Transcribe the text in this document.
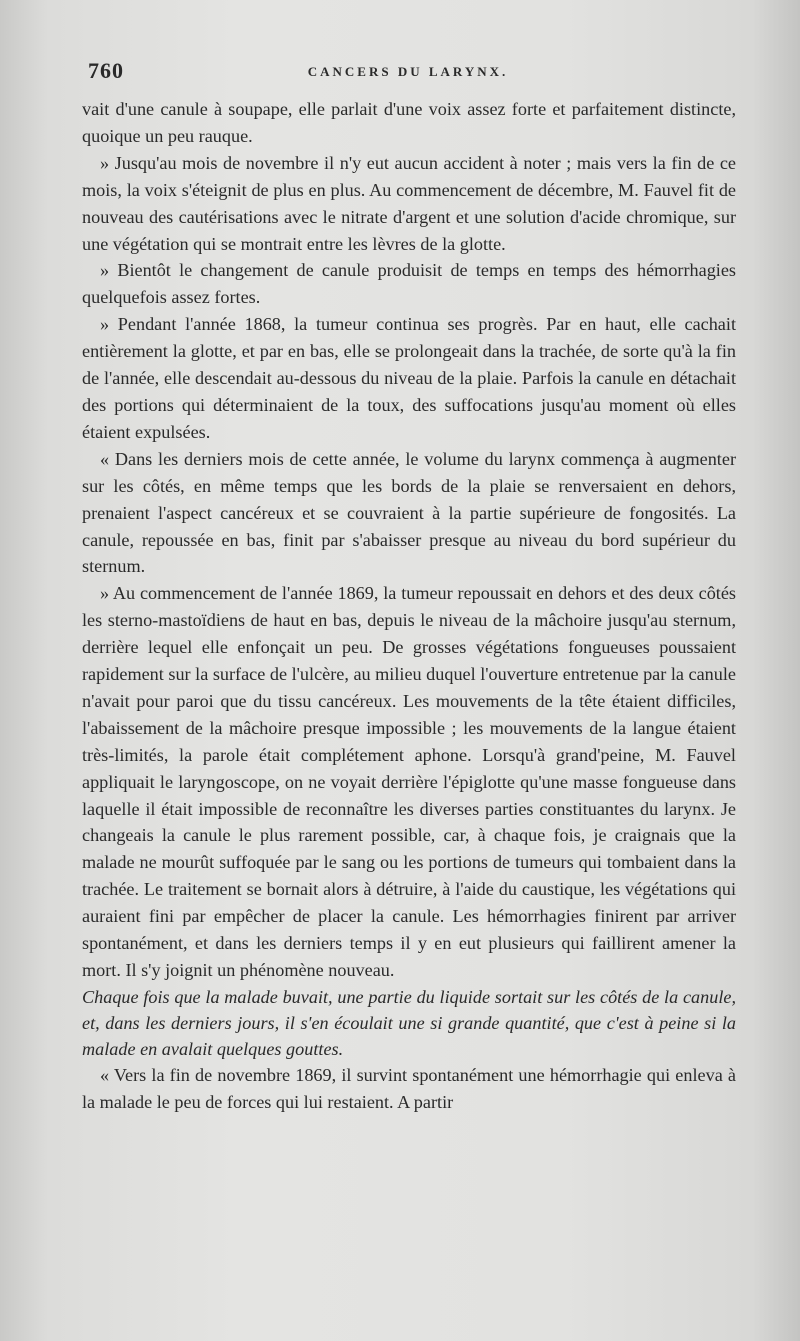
760	CANCERS DU LARYNX.

vait d'une canule à soupape, elle parlait d'une voix assez forte et parfaitement distincte, quoique un peu rauque.

» Jusqu'au mois de novembre il n'y eut aucun accident à noter ; mais vers la fin de ce mois, la voix s'éteignit de plus en plus. Au commencement de décembre, M. Fauvel fit de nouveau des cautérisations avec le nitrate d'argent et une solution d'acide chromique, sur une végétation qui se montrait entre les lèvres de la glotte.

» Bientôt le changement de canule produisit de temps en temps des hémorrhagies quelquefois assez fortes.

» Pendant l'année 1868, la tumeur continua ses progrès. Par en haut, elle cachait entièrement la glotte, et par en bas, elle se prolongeait dans la trachée, de sorte qu'à la fin de l'année, elle descendait au-dessous du niveau de la plaie. Parfois la canule en détachait des portions qui déterminaient de la toux, des suffocations jusqu'au moment où elles étaient expulsées.

« Dans les derniers mois de cette année, le volume du larynx commença à augmenter sur les côtés, en même temps que les bords de la plaie se renversaient en dehors, prenaient l'aspect cancéreux et se couvraient à la partie supérieure de fongosités. La canule, repoussée en bas, finit par s'abaisser presque au niveau du bord supérieur du sternum.

» Au commencement de l'année 1869, la tumeur repoussait en dehors et des deux côtés les sterno-mastoïdiens de haut en bas, depuis le niveau de la mâchoire jusqu'au sternum, derrière lequel elle enfonçait un peu. De grosses végétations fongueuses poussaient rapidement sur la surface de l'ulcère, au milieu duquel l'ouverture entretenue par la canule n'avait pour paroi que du tissu cancéreux. Les mouvements de la tête étaient difficiles, l'abaissement de la mâchoire presque impossible ; les mouvements de la langue étaient très-limités, la parole était complétement aphone. Lorsqu'à grand'peine, M. Fauvel appliquait le laryngoscope, on ne voyait derrière l'épiglotte qu'une masse fongueuse dans laquelle il était impossible de reconnaître les diverses parties constituantes du larynx. Je changeais la canule le plus rarement possible, car, à chaque fois, je craignais que la malade ne mourût suffoquée par le sang ou les portions de tumeurs qui tombaient dans la trachée. Le traitement se bornait alors à détruire, à l'aide du caustique, les végétations qui auraient fini par empêcher de placer la canule. Les hémorrhagies finirent par arriver spontanément, et dans les derniers temps il y en eut plusieurs qui faillirent amener la mort. Il s'y joignit un phénomène nouveau.

Chaque fois que la malade buvait, une partie du liquide sortait sur les côtés de la canule, et, dans les derniers jours, il s'en écoulait une si grande quantité, que c'est à peine si la malade en avalait quelques gouttes.

« Vers la fin de novembre 1869, il survint spontanément une hémorrhagie qui enleva à la malade le peu de forces qui lui restaient. A partir
